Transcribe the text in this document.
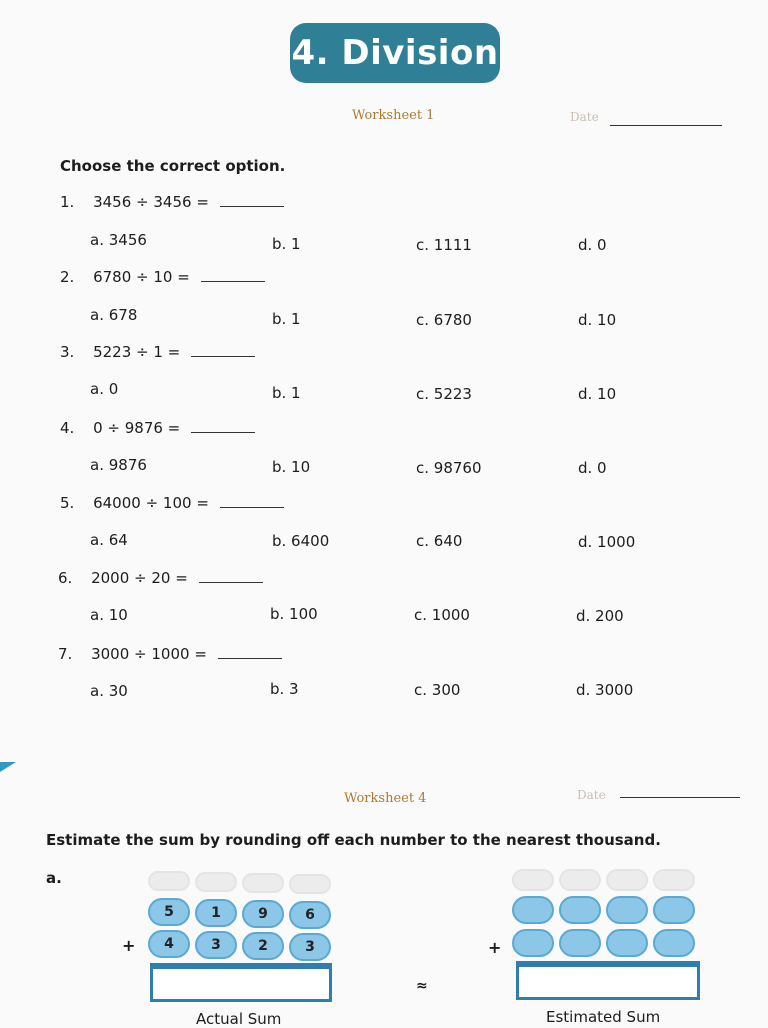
4. Division
Worksheet 1	Date
Choose the correct option.
1. 3456 ÷ 3456 =
a. 3456	b. 1	c. 1111	d. 0
2. 6780 ÷ 10 =
a. 678	b. 1	c. 6780	d. 10
3. 5223 ÷ 1 =
a. 0	b. 1	c. 5223	d. 10
4. 0 ÷ 9876 =
a. 9876	b. 10	c. 98760	d. 0
5. 64000 ÷ 100 =
a. 64	b. 6400	c. 640	d. 1000
6. 2000 ÷ 20 =
a. 10	b. 100	c. 1000	d. 200
7. 3000 ÷ 1000 =
a. 30	b. 3	c. 300	d. 3000
Worksheet 4	Date
Estimate the sum by rounding off each number to the nearest thousand.
a.
5	1	9	6
+	4	3	2	3
Actual Sum
≈
+
Estimated Sum
